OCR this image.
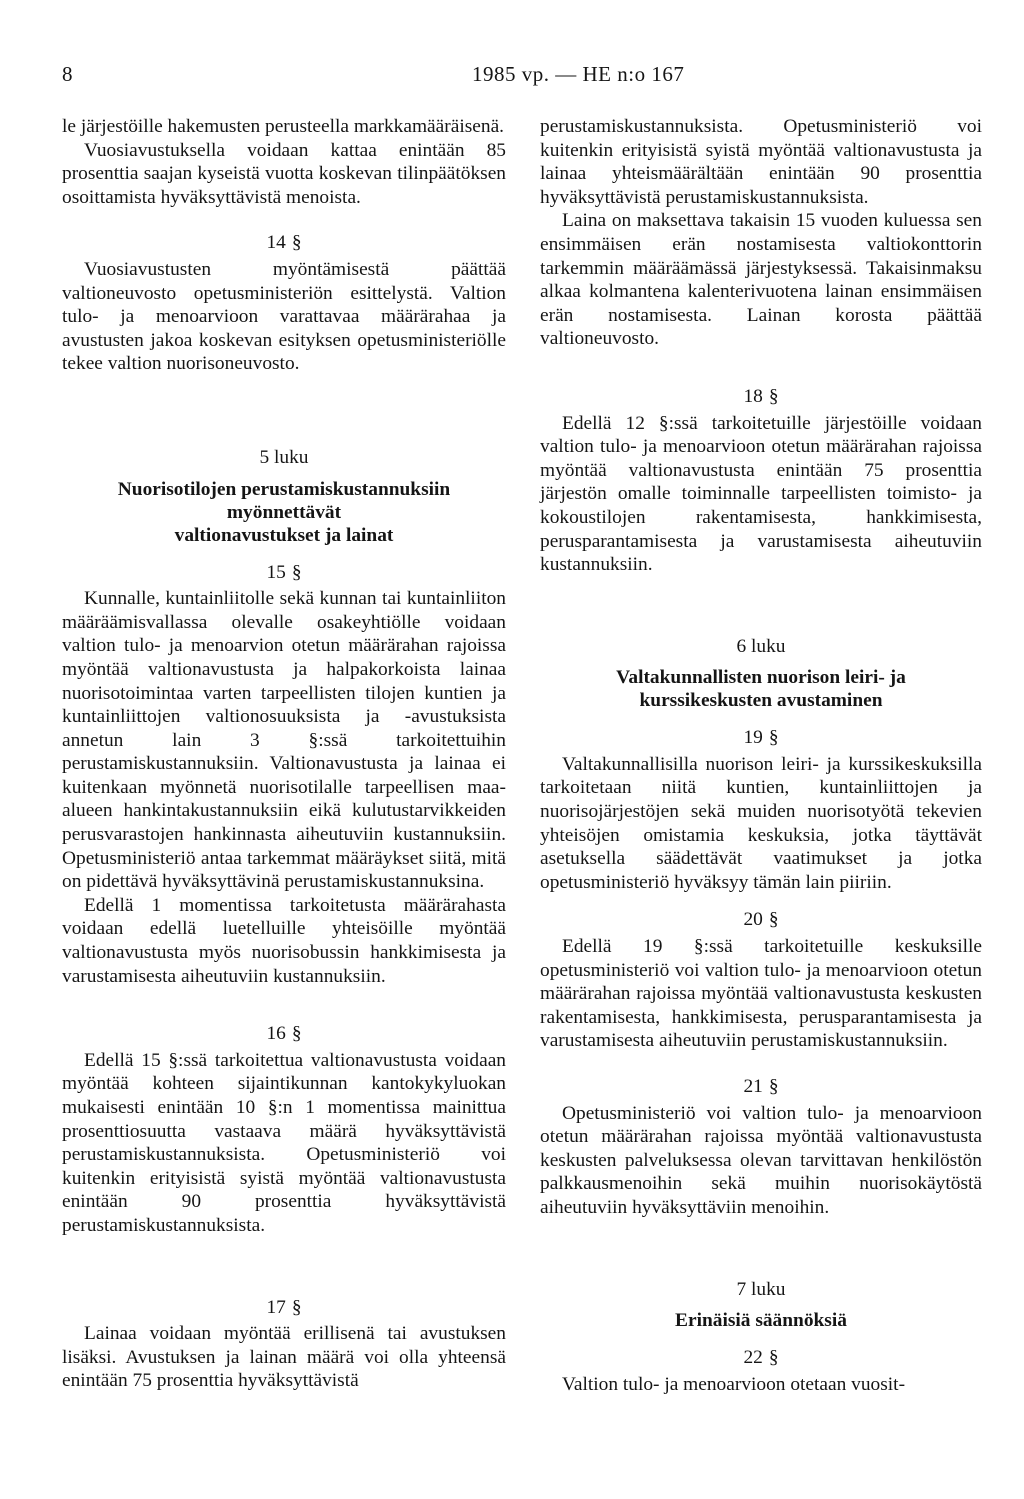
8	1985 vp. — HE n:o 167

le järjestöille hakemusten perusteella markkamääräisenä.

Vuosiavustuksella voidaan kattaa enintään 85 prosenttia saajan kyseistä vuotta koskevan tilinpäätöksen osoittamista hyväksyttävistä menoista.

14 §

Vuosiavustusten myöntämisestä päättää valtioneuvosto opetusministeriön esittelystä. Valtion tulo- ja menoarvioon varattavaa määrärahaa ja avustusten jakoa koskevan esityksen opetusministeriölle tekee valtion nuorisoneuvosto.

5 luku
Nuorisotilojen perustamiskustannuksiin myönnettävät
valtionavustukset ja lainat
15 §

Kunnalle, kuntainliitolle sekä kunnan tai kuntainliiton määräämisvallassa olevalle osakeyhtiölle voidaan valtion tulo- ja menoarvion otetun määrärahan rajoissa myöntää valtionavustusta ja halpakorkoista lainaa nuorisotoimintaa varten tarpeellisten tilojen kuntien ja kuntainliittojen valtionosuuksista ja -avustuksista annetun lain 3 §:ssä tarkoitettuihin perustamiskustannuksiin. Valtionavustusta ja lainaa ei kuitenkaan myönnetä nuorisotilalle tarpeellisen maa-alueen hankintakustannuksiin eikä kulutustarvikkeiden perusvarastojen hankinnasta aiheutuviin kustannuksiin. Opetusministeriö antaa tarkemmat määräykset siitä, mitä on pidettävä hyväksyttävinä perustamiskustannuksina.

Edellä 1 momentissa tarkoitetusta määrärahasta voidaan edellä luetelluille yhteisöille myöntää valtionavustusta myös nuorisobussin hankkimisesta ja varustamisesta aiheutuviin kustannuksiin.

16 §

Edellä 15 §:ssä tarkoitettua valtionavustusta voidaan myöntää kohteen sijaintikunnan kantokykyluokan mukaisesti enintään 10 §:n 1 momentissa mainittua prosenttiosuutta vastaava määrä hyväksyttävistä perustamiskustannuksista. Opetusministeriö voi kuitenkin erityisistä syistä myöntää valtionavustusta enintään 90 prosenttia hyväksyttävistä perustamiskustannuksista.

17 §

Lainaa voidaan myöntää erillisenä tai avustuksen lisäksi. Avustuksen ja lainan määrä voi olla yhteensä enintään 75 prosenttia hyväksyttävistä

perustamiskustannuksista. Opetusministeriö voi kuitenkin erityisistä syistä myöntää valtionavustusta ja lainaa yhteismäärältään enintään 90 prosenttia hyväksyttävistä perustamiskustannuksista.

Laina on maksettava takaisin 15 vuoden kuluessa sen ensimmäisen erän nostamisesta valtiokonttorin tarkemmin määräämässä järjestyksessä. Takaisinmaksu alkaa kolmantena kalenterivuotena lainan ensimmäisen erän nostamisesta. Lainan korosta päättää valtioneuvosto.

18 §

Edellä 12 §:ssä tarkoitetuille järjestöille voidaan valtion tulo- ja menoarvioon otetun määrärahan rajoissa myöntää valtionavustusta enintään 75 prosenttia järjestön omalle toiminnalle tarpeellisten toimisto- ja kokoustilojen rakentamisesta, hankkimisesta, perusparantamisesta ja varustamisesta aiheutuviin kustannuksiin.

6 luku
Valtakunnallisten nuorison leiri- ja
kurssikeskusten avustaminen
19 §

Valtakunnallisilla nuorison leiri- ja kurssikeskuksilla tarkoitetaan niitä kuntien, kuntainliittojen ja nuorisojärjestöjen sekä muiden nuorisotyötä tekevien yhteisöjen omistamia keskuksia, jotka täyttävät asetuksella säädettävät vaatimukset ja jotka opetusministeriö hyväksyy tämän lain piiriin.

20 §

Edellä 19 §:ssä tarkoitetuille keskuksille opetusministeriö voi valtion tulo- ja menoarvioon otetun määrärahan rajoissa myöntää valtionavustusta keskusten rakentamisesta, hankkimisesta, perusparantamisesta ja varustamisesta aiheutuviin perustamiskustannuksiin.

21 §

Opetusministeriö voi valtion tulo- ja menoarvioon otetun määrärahan rajoissa myöntää valtionavustusta keskusten palveluksessa olevan tarvittavan henkilöstön palkkausmenoihin sekä muihin nuorisokäytöstä aiheutuviin hyväksyttäviin menoihin.

7 luku
Erinäisiä säännöksiä
22 §

Valtion tulo- ja menoarvioon otetaan vuosit-
